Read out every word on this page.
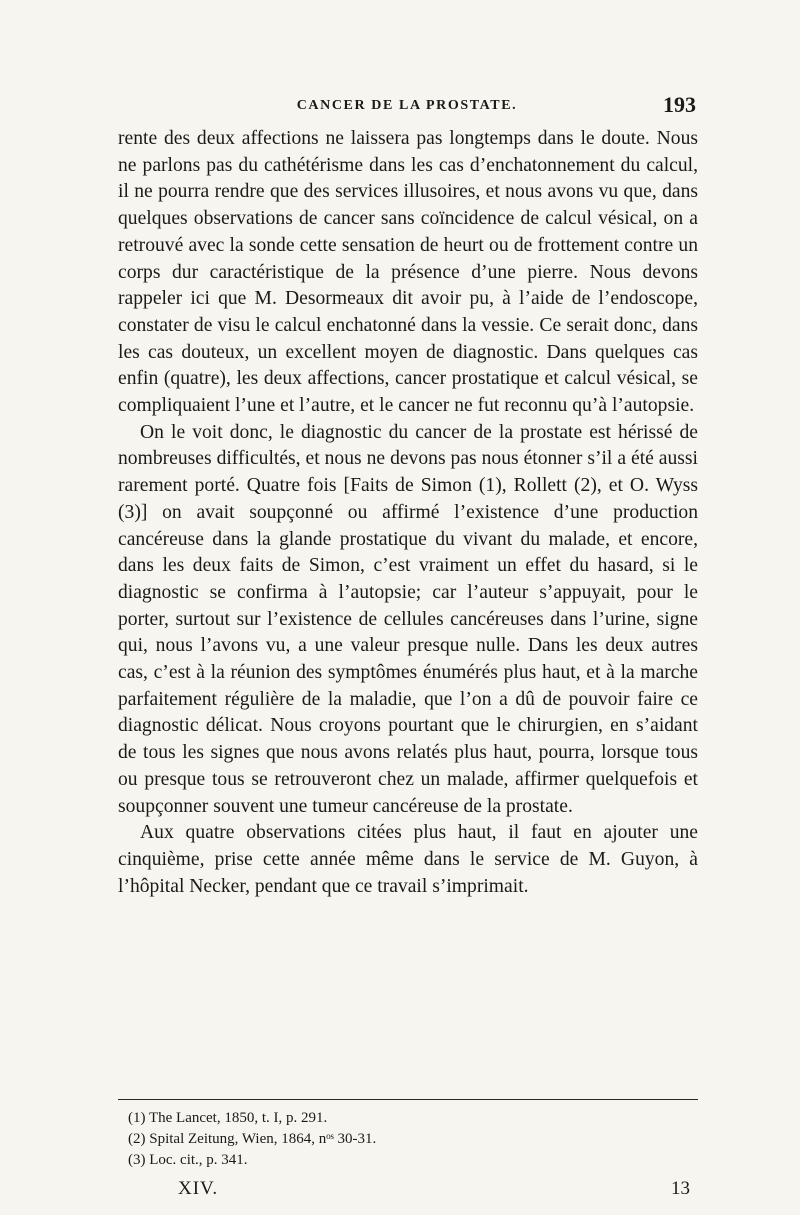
CANCER DE LA PROSTATE.	193

rente des deux affections ne laissera pas longtemps dans le doute. Nous ne parlons pas du cathétérisme dans les cas d’enchatonnement du calcul, il ne pourra rendre que des services illusoires, et nous avons vu que, dans quelques observations de cancer sans coïncidence de calcul vésical, on a retrouvé avec la sonde cette sensation de heurt ou de frottement contre un corps dur caractéristique de la présence d’une pierre. Nous devons rappeler ici que M. Desormeaux dit avoir pu, à l’aide de l’endoscope, constater de visu le calcul enchatonné dans la vessie. Ce serait donc, dans les cas douteux, un excellent moyen de diagnostic. Dans quelques cas enfin (quatre), les deux affections, cancer prostatique et calcul vésical, se compliquaient l’une et l’autre, et le cancer ne fut reconnu qu’à l’autopsie.

On le voit donc, le diagnostic du cancer de la prostate est hérissé de nombreuses difficultés, et nous ne devons pas nous étonner s’il a été aussi rarement porté. Quatre fois [Faits de Simon (1), Rollett (2), et O. Wyss (3)] on avait soupçonné ou affirmé l’existence d’une production cancéreuse dans la glande prostatique du vivant du malade, et encore, dans les deux faits de Simon, c’est vraiment un effet du hasard, si le diagnostic se confirma à l’autopsie; car l’auteur s’appuyait, pour le porter, surtout sur l’existence de cellules cancéreuses dans l’urine, signe qui, nous l’avons vu, a une valeur presque nulle. Dans les deux autres cas, c’est à la réunion des symptômes énumérés plus haut, et à la marche parfaitement régulière de la maladie, que l’on a dû de pouvoir faire ce diagnostic délicat. Nous croyons pourtant que le chirurgien, en s’aidant de tous les signes que nous avons relatés plus haut, pourra, lorsque tous ou presque tous se retrouveront chez un malade, affirmer quelquefois et soupçonner souvent une tumeur cancéreuse de la prostate.

Aux quatre observations citées plus haut, il faut en ajouter une cinquième, prise cette année même dans le service de M. Guyon, à l’hôpital Necker, pendant que ce travail s’imprimait.

(1) The Lancet, 1850, t. I, p. 291.

(2) Spital Zeitung, Wien, 1864, nᵒˢ 30-31.

(3) Loc. cit., p. 341.

XIV.	13
